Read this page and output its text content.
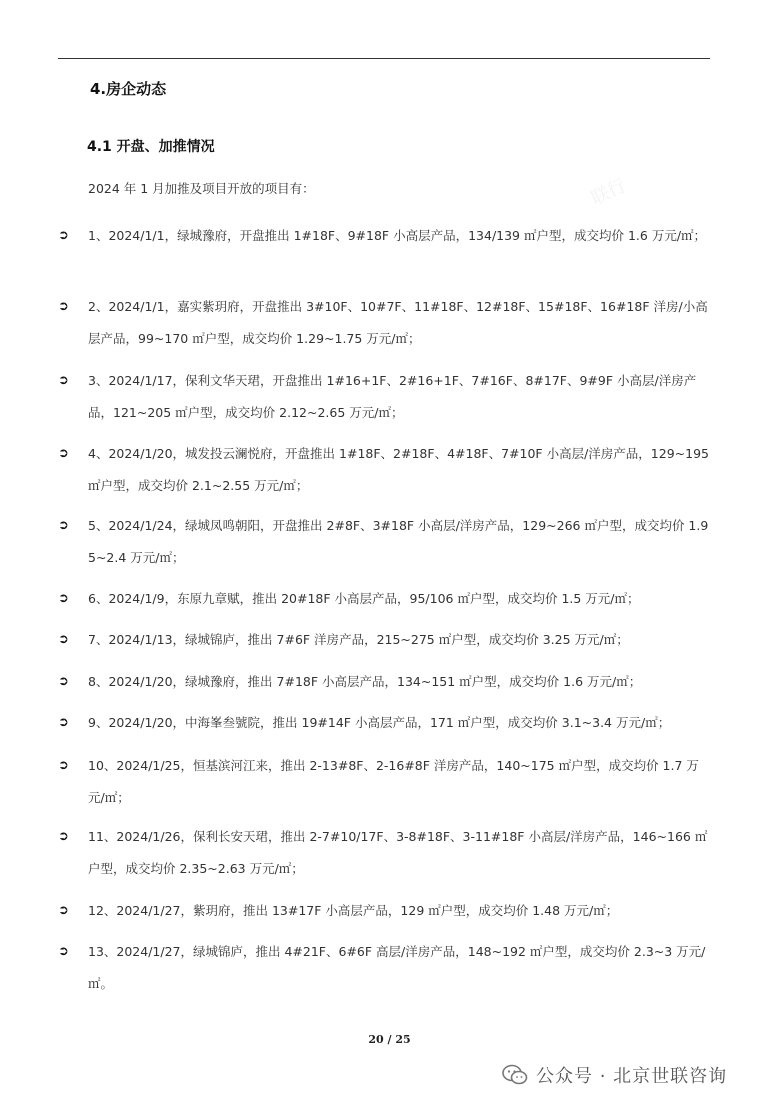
联行
4.房企动态
4.1 开盘、加推情况
2024 年 1 月加推及项目开放的项目有：
➲	1、2024/1/1，绿城豫府，开盘推出 1#18F、9#18F 小高层产品，134/139 ㎡户型，成交均价 1.6 万元/㎡；
➲	2、2024/1/1，嘉实紫玥府，开盘推出 3#10F、10#7F、11#18F、12#18F、15#18F、16#18F 洋房/小高层产品，99~170 ㎡户型，成交均价 1.29~1.75 万元/㎡；
➲	3、2024/1/17，保利文华天珺，开盘推出 1#16+1F、2#16+1F、7#16F、8#17F、9#9F 小高层/洋房产品，121~205 ㎡户型，成交均价 2.12~2.65 万元/㎡；
➲	4、2024/1/20，城发投云澜悦府，开盘推出 1#18F、2#18F、4#18F、7#10F 小高层/洋房产品，129~195 ㎡户型，成交均价 2.1~2.55 万元/㎡；
➲	5、2024/1/24，绿城凤鸣朝阳，开盘推出 2#8F、3#18F 小高层/洋房产品，129~266 ㎡户型，成交均价 1.95~2.4 万元/㎡；
➲	6、2024/1/9，东原九章赋，推出 20#18F 小高层产品，95/106 ㎡户型，成交均价 1.5 万元/㎡；
➲	7、2024/1/13，绿城锦庐，推出 7#6F 洋房产品，215~275 ㎡户型，成交均价 3.25 万元/㎡；
➲	8、2024/1/20，绿城豫府，推出 7#18F 小高层产品，134~151 ㎡户型，成交均价 1.6 万元/㎡；
➲	9、2024/1/20，中海峯叁號院，推出 19#14F 小高层产品，171 ㎡户型，成交均价 3.1~3.4 万元/㎡；
➲	10、2024/1/25，恒基滨河江来，推出 2-13#8F、2-16#8F 洋房产品，140~175 ㎡户型，成交均价 1.7 万元/㎡；
➲	11、2024/1/26，保利长安天珺，推出 2-7#10/17F、3-8#18F、3-11#18F 小高层/洋房产品，146~166 ㎡户型，成交均价 2.35~2.63 万元/㎡；
➲	12、2024/1/27，紫玥府，推出 13#17F 小高层产品，129 ㎡户型，成交均价 1.48 万元/㎡；
➲	13、2024/1/27，绿城锦庐，推出 4#21F、6#6F 高层/洋房产品，148~192 ㎡户型，成交均价 2.3~3 万元/㎡。
20 / 25
公众号 · 北京世联咨询
